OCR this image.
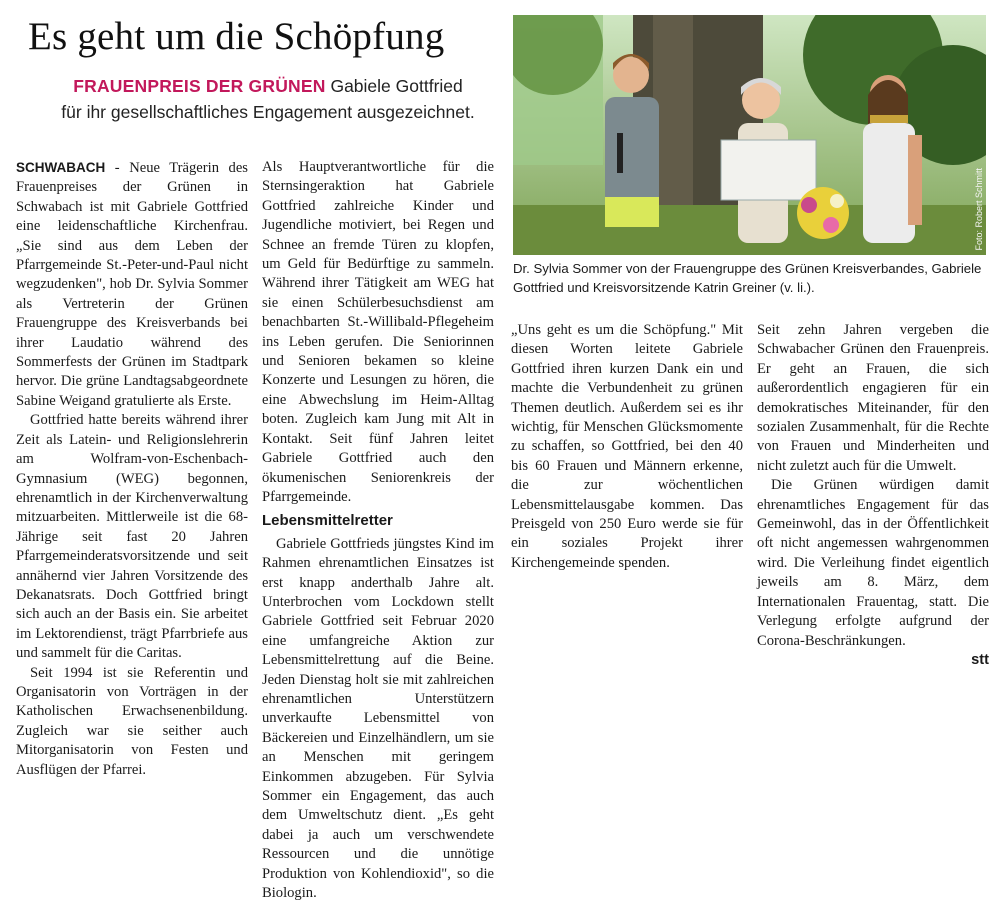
Es geht um die Schöpfung
FRAUENPREIS DER GRÜNEN Gabiele Gottfried
für ihr gesellschaftliches Engagement ausgezeichnet.
Foto: Robert Schmitt
Dr. Sylvia Sommer von der Frauengruppe des Grünen Kreisverbandes, Gabriele Gottfried und Kreisvorsitzende Katrin Greiner (v. li.).

SCHWABACH - Neue Trägerin des Frauenpreises der Grünen in Schwabach ist mit Gabriele Gottfried eine leidenschaftliche Kirchenfrau. „Sie sind aus dem Leben der Pfarrgemeinde St.-Peter-und-Paul nicht wegzudenken", hob Dr. Sylvia Sommer als Vertreterin der Grünen Frauengruppe des Kreisverbands bei ihrer Laudatio während des Sommerfests der Grünen im Stadtpark hervor. Die grüne Landtagsabgeordnete Sabine Weigand gratulierte als Erste.

Gottfried hatte bereits während ihrer Zeit als Latein- und Religionslehrerin am Wolfram-von-Eschenbach-Gymnasium (WEG) begonnen, ehrenamtlich in der Kirchenverwaltung mitzuarbeiten. Mittlerweile ist die 68-Jährige seit fast 20 Jahren Pfarrgemeinderatsvorsitzende und seit annähernd vier Jahren Vorsitzende des Dekanatsrats. Doch Gottfried bringt sich auch an der Basis ein. Sie arbeitet im Lektorendienst, trägt Pfarrbriefe aus und sammelt für die Caritas.

Seit 1994 ist sie Referentin und Organisatorin von Vorträgen in der Katholischen Erwachsenenbildung. Zugleich war sie seither auch Mitorganisatorin von Festen und Ausflügen der Pfarrei.

Als Hauptverantwortliche für die Sternsingeraktion hat Gabriele Gottfried zahlreiche Kinder und Jugendliche motiviert, bei Regen und Schnee an fremde Türen zu klopfen, um Geld für Bedürftige zu sammeln. Während ihrer Tätigkeit am WEG hat sie einen Schülerbesuchsdienst am benachbarten St.-Willibald-Pflegeheim ins Leben gerufen. Die Seniorinnen und Senioren bekamen so kleine Konzerte und Lesungen zu hören, die eine Abwechslung im Heim-Alltag boten. Zugleich kam Jung mit Alt in Kontakt. Seit fünf Jahren leitet Gabriele Gottfried auch den ökumenischen Seniorenkreis der Pfarrgemeinde.

Lebensmittelretter

Gabriele Gottfrieds jüngstes Kind im Rahmen ehrenamtlichen Einsatzes ist erst knapp anderthalb Jahre alt. Unterbrochen vom Lockdown stellt Gabriele Gottfried seit Februar 2020 eine umfangreiche Aktion zur Lebensmittelrettung auf die Beine. Jeden Dienstag holt sie mit zahlreichen ehrenamtlichen Unterstützern unverkaufte Lebensmittel von Bäckereien und Einzelhändlern, um sie an Menschen mit geringem Einkommen abzugeben. Für Sylvia Sommer ein Engagement, das auch dem Umweltschutz dient. „Es geht dabei ja auch um verschwendete Ressourcen und die unnötige Produktion von Kohlendioxid", so die Biologin.

„Uns geht es um die Schöpfung." Mit diesen Worten leitete Gabriele Gottfried ihren kurzen Dank ein und machte die Verbundenheit zu grünen Themen deutlich. Außerdem sei es ihr wichtig, für Menschen Glücksmomente zu schaffen, so Gottfried, bei den 40 bis 60 Frauen und Männern erkenne, die zur wöchentlichen Lebensmittelausgabe kommen. Das Preisgeld von 250 Euro werde sie für ein soziales Projekt ihrer Kirchengemeinde spenden.

Seit zehn Jahren vergeben die Schwabacher Grünen den Frauenpreis. Er geht an Frauen, die sich außerordentlich engagieren für ein demokratisches Miteinander, für den sozialen Zusammenhalt, für die Rechte von Frauen und Minderheiten und nicht zuletzt auch für die Umwelt.

Die Grünen würdigen damit ehrenamtliches Engagement für das Gemeinwohl, das in der Öffentlichkeit oft nicht angemessen wahrgenommen wird. Die Verleihung findet eigentlich jeweils am 8. März, dem Internationalen Frauentag, statt. Die Verlegung erfolgte aufgrund der Corona-Beschränkungen.

stt
